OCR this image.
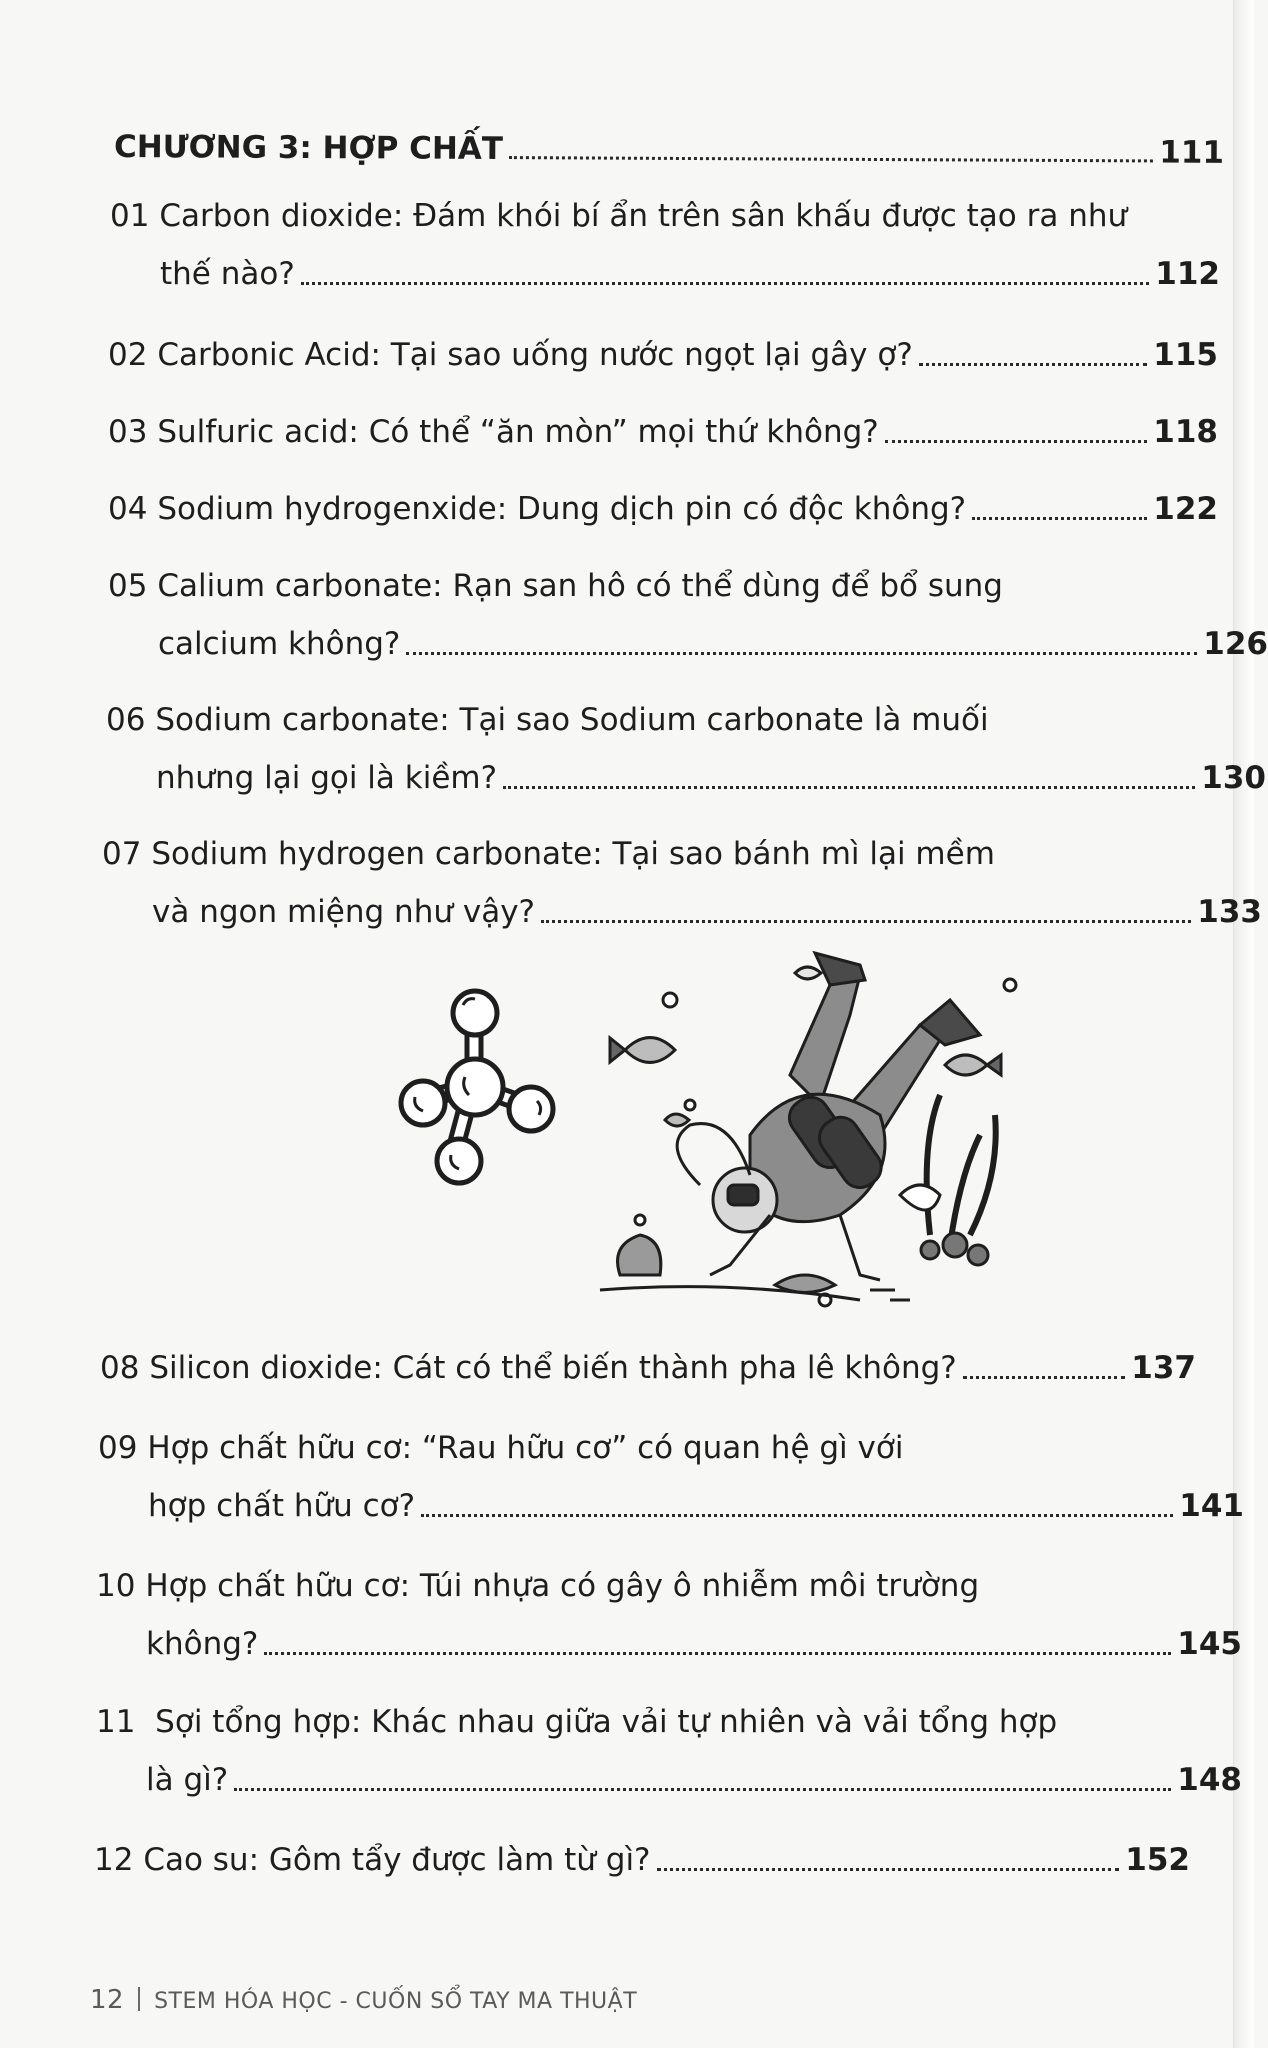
CHƯƠNG 3: HỢP CHẤT	111
01
Carbon dioxide: Đám khói bí ẩn trên sân khấu được tạo ra như
thế nào?	112
02
Carbonic Acid: Tại sao uống nước ngọt lại gây ợ?	115
03
Sulfuric acid: Có thể “ăn mòn” mọi thứ không?	118
04
Sodium hydrogenxide: Dung dịch pin có độc không?	122
05
Calium carbonate: Rạn san hô có thể dùng để bổ sung
calcium không?	126
06
Sodium carbonate: Tại sao Sodium carbonate là muối
nhưng lại gọi là kiềm?	130
07
Sodium hydrogen carbonate: Tại sao bánh mì lại mềm
và ngon miệng như vậy?	133
08
Silicon dioxide: Cát có thể biến thành pha lê không?	137
09
Hợp chất hữu cơ: “Rau hữu cơ” có quan hệ gì với
hợp chất hữu cơ?	141
10
Hợp chất hữu cơ: Túi nhựa có gây ô nhiễm môi trường
không?	145
11
Sợi tổng hợp: Khác nhau giữa vải tự nhiên và vải tổng hợp
là gì?	148
12
Cao su: Gôm tẩy được làm từ gì?	152
12 STEM HÓA HỌC - CUỐN SỔ TAY MA THUẬT
